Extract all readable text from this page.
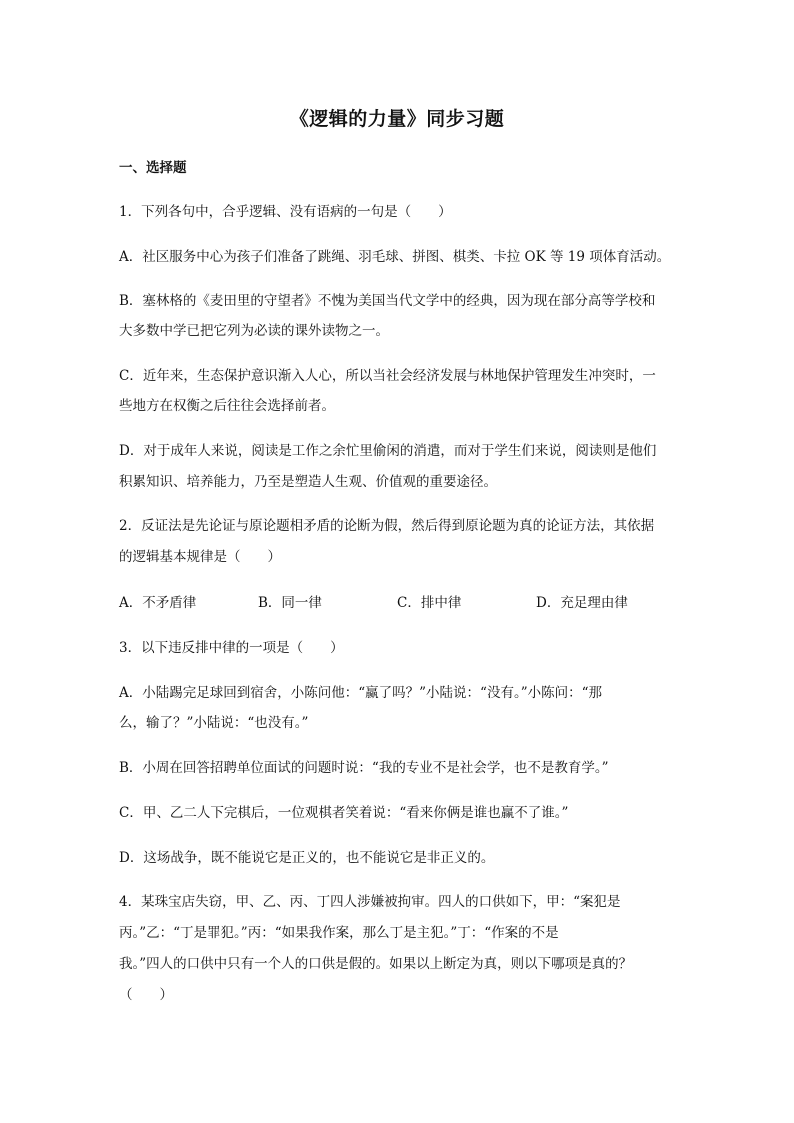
《逻辑的力量》同步习题
一、选择题
1．下列各句中，合乎逻辑、没有语病的一句是（　　）
A．社区服务中心为孩子们准备了跳绳、羽毛球、拼图、棋类、卡拉 OK 等 19 项体育活动。
B．塞林格的《麦田里的守望者》不愧为美国当代文学中的经典，因为现在部分高等学校和
大多数中学已把它列为必读的课外读物之一。
C．近年来，生态保护意识渐入人心，所以当社会经济发展与林地保护管理发生冲突时，一
些地方在权衡之后往往会选择前者。
D．对于成年人来说，阅读是工作之余忙里偷闲的消遣，而对于学生们来说，阅读则是他们
积累知识、培养能力，乃至是塑造人生观、价值观的重要途径。
2．反证法是先论证与原论题相矛盾的论断为假，然后得到原论题为真的论证方法，其依据
的逻辑基本规律是（　　）
A．不矛盾律	B．同一律	C．排中律	D．充足理由律
3．以下违反排中律的一项是（　　）
A．小陆踢完足球回到宿舍，小陈问他：“赢了吗？”小陆说：“没有。”小陈问：“那
么，输了？”小陆说：“也没有。”
B．小周在回答招聘单位面试的问题时说：“我的专业不是社会学，也不是教育学。”
C．甲、乙二人下完棋后，一位观棋者笑着说：“看来你俩是谁也赢不了谁。”
D．这场战争，既不能说它是正义的，也不能说它是非正义的。
4．某珠宝店失窃，甲、乙、丙、丁四人涉嫌被拘审。四人的口供如下，甲：“案犯是
丙。”乙：“丁是罪犯。”丙：“如果我作案，那么丁是主犯。”丁：“作案的不是
我。”四人的口供中只有一个人的口供是假的。如果以上断定为真，则以下哪项是真的？
（　　）
